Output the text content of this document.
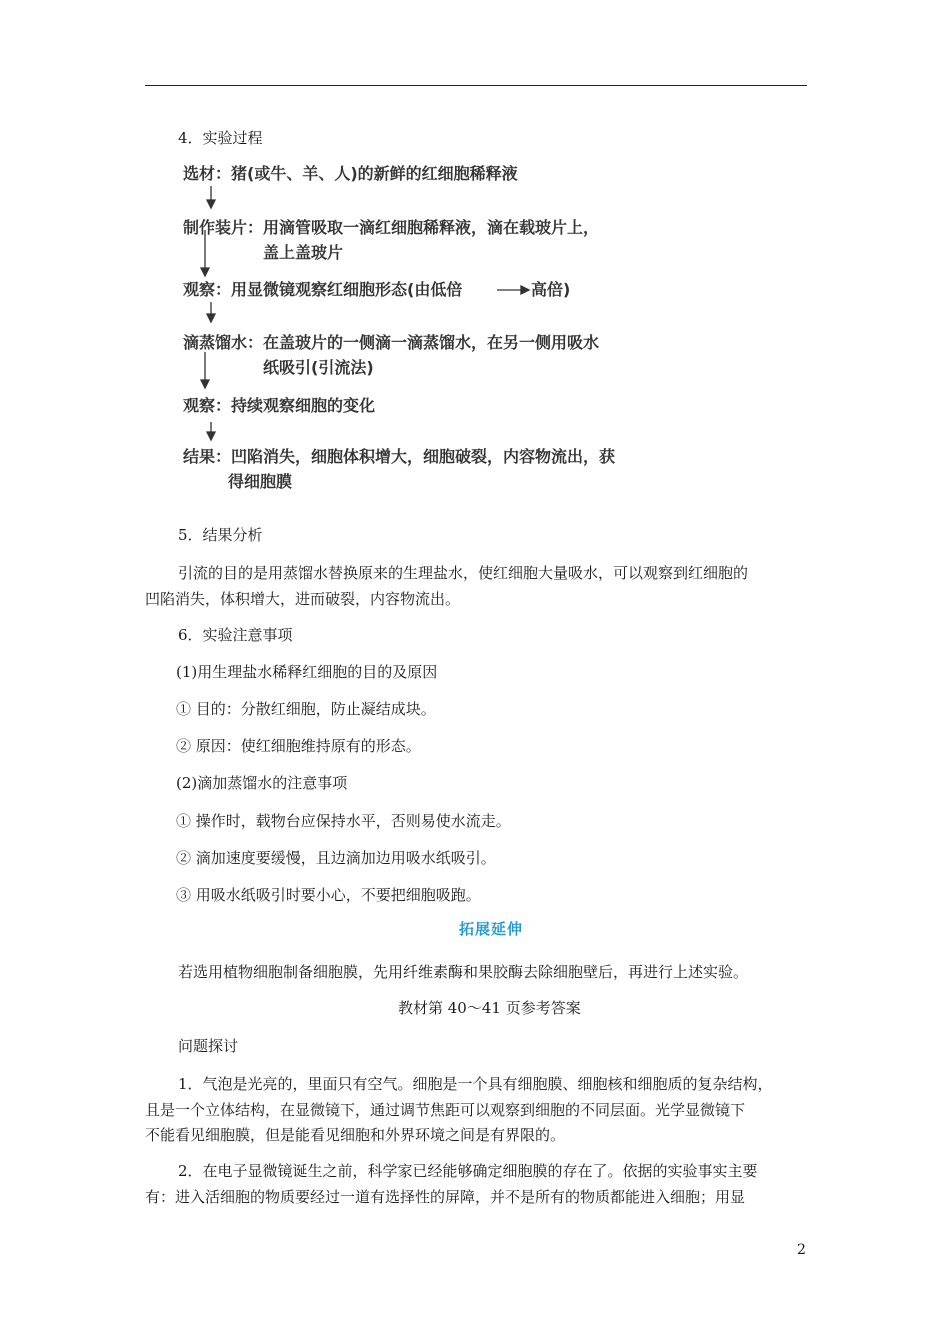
4．实验过程
选材：猪(或牛、羊、人)的新鲜的红细胞稀释液
制作装片：用滴管吸取一滴红细胞稀释液，滴在载玻片上，
盖上盖玻片
观察：用显微镜观察红细胞形态(由低倍	高倍)
滴蒸馏水：在盖玻片的一侧滴一滴蒸馏水，在另一侧用吸水
纸吸引(引流法)
观察：持续观察细胞的变化
结果：凹陷消失，细胞体积增大，细胞破裂，内容物流出，获
得细胞膜
5．结果分析
引流的目的是用蒸馏水替换原来的生理盐水，使红细胞大量吸水，可以观察到红细胞的
凹陷消失，体积增大，进而破裂，内容物流出。
6．实验注意事项
(1)用生理盐水稀释红细胞的目的及原因
① 目的：分散红细胞，防止凝结成块。
② 原因：使红细胞维持原有的形态。
(2)滴加蒸馏水的注意事项
① 操作时，载物台应保持水平，否则易使水流走。
② 滴加速度要缓慢，且边滴加边用吸水纸吸引。
③ 用吸水纸吸引时要小心，不要把细胞吸跑。
拓展延伸
若选用植物细胞制备细胞膜，先用纤维素酶和果胶酶去除细胞壁后，再进行上述实验。
教材第 40～41 页参考答案
问题探讨
1．气泡是光亮的，里面只有空气。细胞是一个具有细胞膜、细胞核和细胞质的复杂结构，
且是一个立体结构，在显微镜下，通过调节焦距可以观察到细胞的不同层面。光学显微镜下
不能看见细胞膜，但是能看见细胞和外界环境之间是有界限的。
2．在电子显微镜诞生之前，科学家已经能够确定细胞膜的存在了。依据的实验事实主要
有：进入活细胞的物质要经过一道有选择性的屏障，并不是所有的物质都能进入细胞；用显
2
